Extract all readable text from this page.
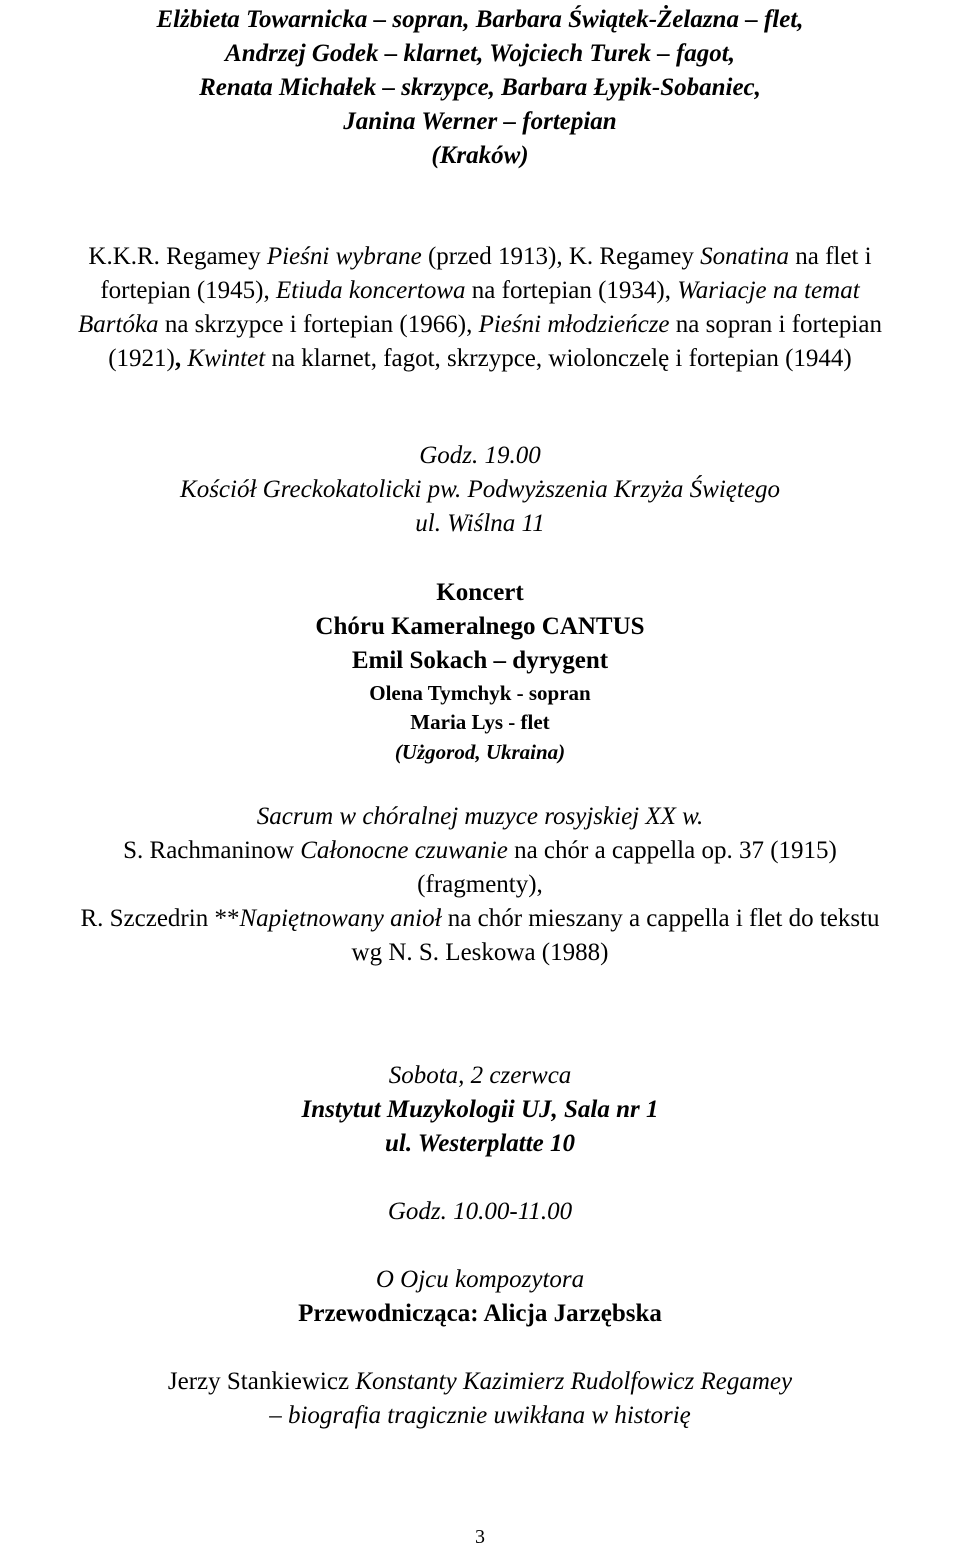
Elżbieta Towarnicka – sopran, Barbara Świątek-Żelazna – flet,
Andrzej Godek – klarnet, Wojciech Turek – fagot,
Renata Michałek – skrzypce, Barbara Łypik-Sobaniec,
Janina Werner – fortepian
(Kraków)
K.K.R. Regamey Pieśni wybrane (przed 1913), K. Regamey Sonatina na flet i
fortepian (1945), Etiuda koncertowa na fortepian (1934), Wariacje na temat
Bartóka na skrzypce i fortepian (1966), Pieśni młodzieńcze na sopran i fortepian
(1921), Kwintet na klarnet, fagot, skrzypce, wiolonczelę i fortepian (1944)
Godz. 19.00
Kościół Greckokatolicki pw. Podwyższenia Krzyża Świętego
ul. Wiślna 11
Koncert
Chóru Kameralnego CANTUS
Emil Sokach – dyrygent
Olena Tymchyk - sopran
Maria Lys - flet
(Użgorod, Ukraina)
Sacrum w chóralnej muzyce rosyjskiej XX w.
S. Rachmaninow Całonocne czuwanie na chór a cappella op. 37 (1915)
(fragmenty),
R. Szczedrin **Napiętnowany anioł na chór mieszany a cappella i flet do tekstu
wg N. S. Leskowa (1988)
Sobota, 2 czerwca
Instytut Muzykologii UJ, Sala nr 1
ul. Westerplatte 10
Godz. 10.00-11.00
O Ojcu kompozytora
Przewodnicząca: Alicja Jarzębska
Jerzy Stankiewicz Konstanty Kazimierz Rudolfowicz Regamey
– biografia tragicznie uwikłana w historię
3
